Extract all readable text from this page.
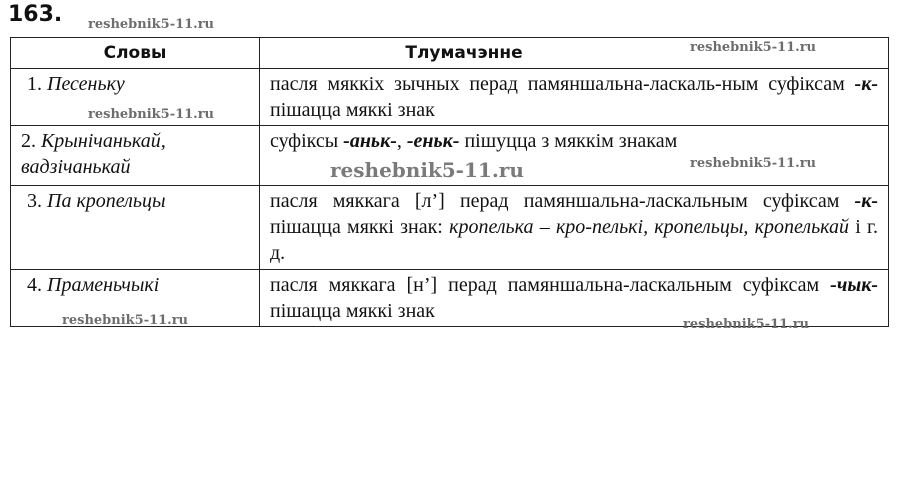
163.
Словы	Тлумачэнне
1. Песеньку	пасля мяккіх зычных перад памяншальна-ласкаль-ным суфіксам -к- пішацца мяккі знак
2. Крынічанькай, вадзічанькай	суфіксы -аньк-, -еньк- пішуцца з мяккім знакам
3. Па кропельцы	пасля мяккага [л’] перад памяншальна-ласкальным суфіксам -к- пішацца мяккі знак: кропелька – кро-пелькі, кропельцы, кропелькай і г. д.
4. Праменьчыкі	пасля мяккага [н’] перад памяншальна-ласкальным суфіксам -чык- пішацца мяккі знак
reshebnik5-11.ru
reshebnik5-11.ru
reshebnik5-11.ru
reshebnik5-11.ru	reshebnik5-11.ru
reshebnik5-11.ru	reshebnik5-11.ru
